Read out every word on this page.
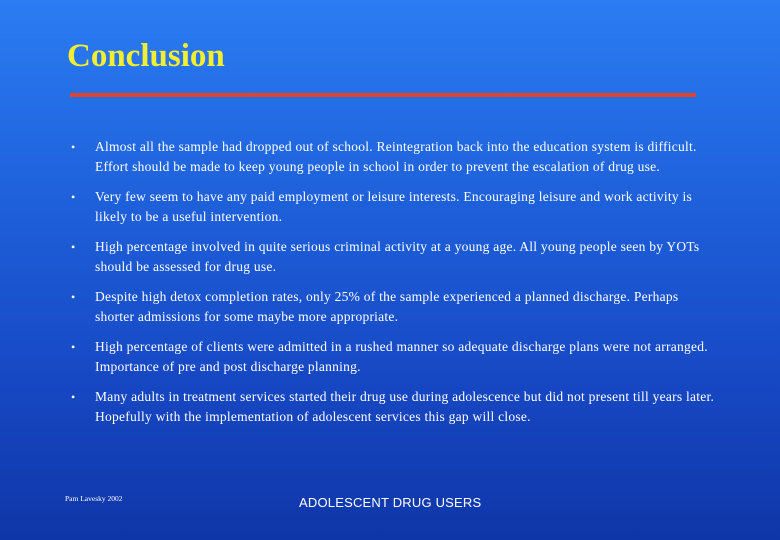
Conclusion
• Almost all the sample had dropped out of school. Reintegration back into the education system is difficult. Effort should be made to keep young people in school in order to prevent the escalation of drug use.
• Very few seem to have any paid employment or leisure interests. Encouraging leisure and work activity is likely to be a useful intervention.
• High percentage involved in quite serious criminal activity at a young age. All young people seen by YOTs should be assessed for drug use.
• Despite high detox completion rates, only 25% of the sample experienced a planned discharge. Perhaps shorter admissions for some maybe more appropriate.
• High percentage of clients were admitted in a rushed manner so adequate discharge plans were not arranged. Importance of pre and post discharge planning.
• Many adults in treatment services started their drug use during adolescence but did not present till years later. Hopefully with the implementation of adolescent services this gap will close.
Pam Lavesky 2002	ADOLESCENT DRUG USERS
